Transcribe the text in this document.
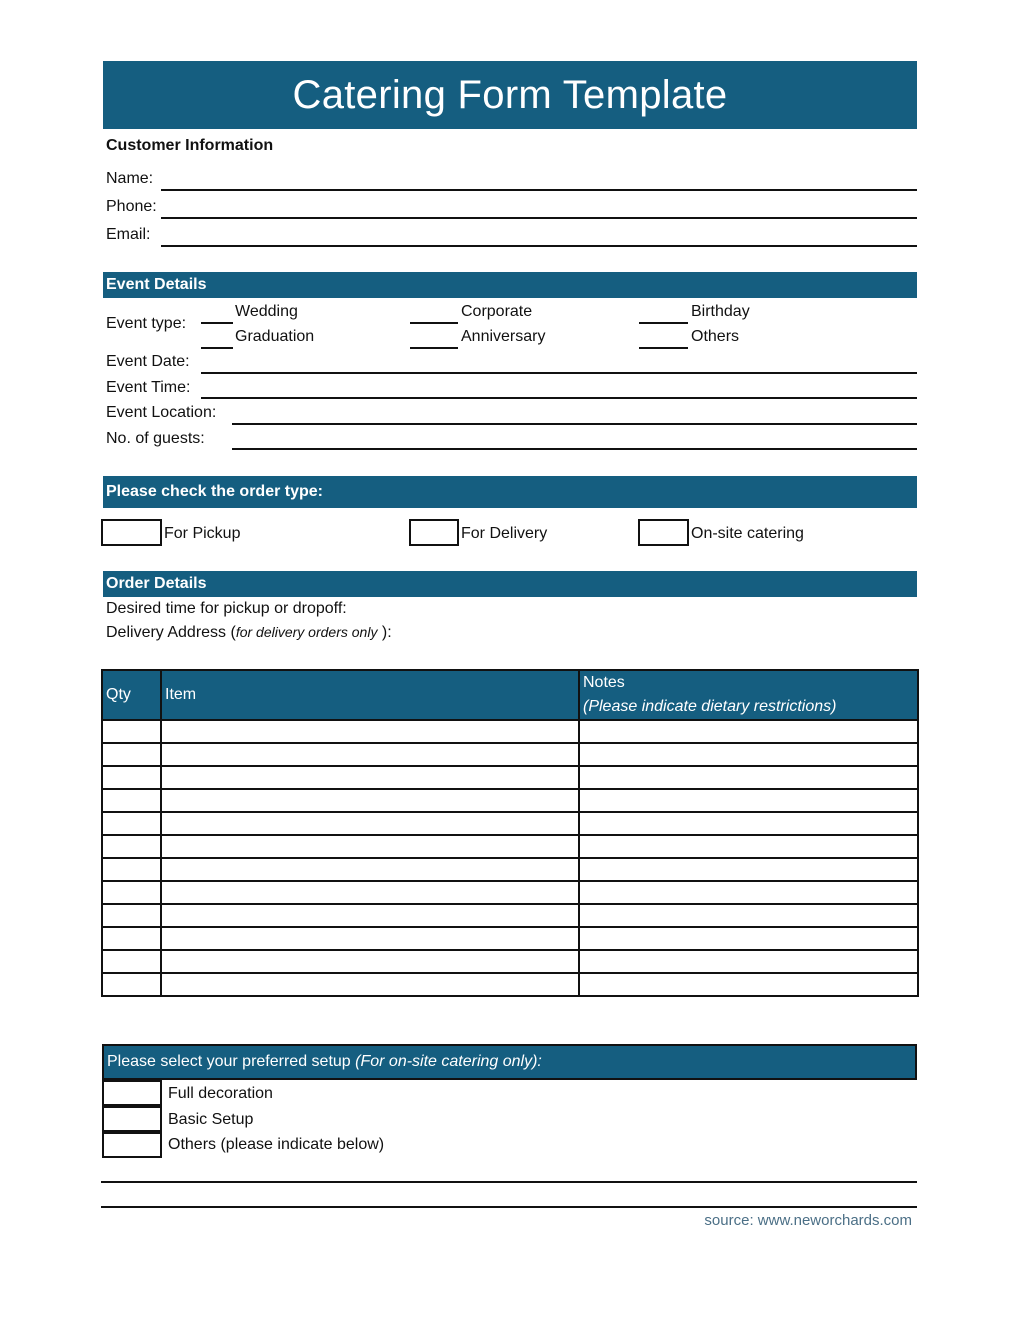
Catering Form Template
Customer Information
Name:
Phone:
Email:
Event Details
Event type:
Wedding
Graduation
Corporate
Anniversary
Birthday
Others
Event Date:
Event Time:
Event Location:
No. of guests:
Please check the order type:
For Pickup	For Delivery	On-site catering
Order Details
Desired time for pickup or dropoff:
Delivery Address (for delivery orders only ):
Qty	Item	Notes
(Please indicate dietary restrictions)

Please select your preferred setup
(For on-site catering only):
Full decoration
Basic Setup
Others (please indicate below)
source: www.neworchards.com
